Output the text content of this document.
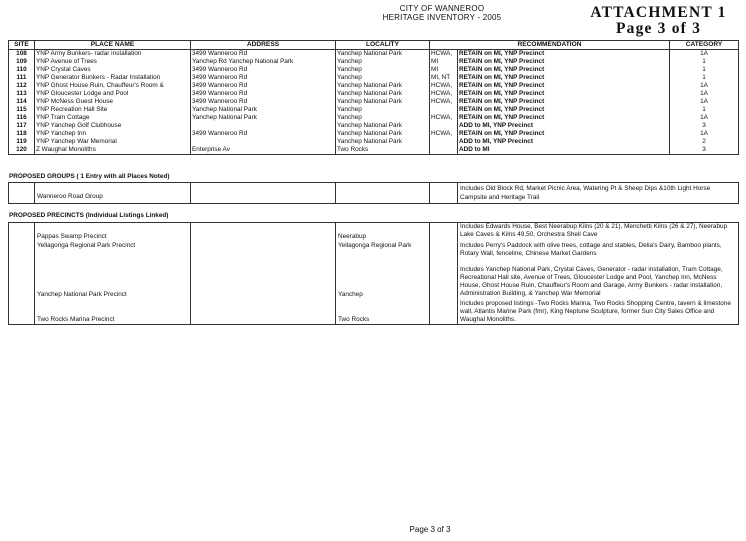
CITY OF WANNEROO
HERITAGE INVENTORY - 2005	ATTACHMENT 1
Page 3 of 3
SITE	PLACE NAME	ADDRESS	LOCALITY	RECOMMENDATION		CATEGORY
108	YNP Army Bunkers- radar installation	3499 Wanneroo Rd	Yanchep National Park	HCWA,	RETAIN on MI, YNP Precinct	1A
109	YNP Avenue of Trees	Yanchep Rd Yanchep National Park	Yanchep	MI	RETAIN on MI, YNP Precinct	1
110	YNP Crystal Caves	3499 Wanneroo Rd	Yanchep	MI	RETAIN on MI, YNP Precinct	1
111	YNP Generator Bunkers - Radar Installation	3499 Wanneroo Rd	Yanchep	MI, NT	RETAIN on MI, YNP Precinct	1
112	YNP Ghost House Ruin, Chauffeur's Room &	3499 Wanneroo Rd	Yanchep National Park	HCWA,	RETAIN on MI, YNP Precinct	1A
113	YNP Gloucester Lodge and Pool	3499 Wanneroo Rd	Yanchep National Park	HCWA,	RETAIN on MI, YNP Precinct	1A
114	YNP McNess Guest House	3499 Wanneroo Rd	Yanchep National Park	HCWA,	RETAIN on MI, YNP Precinct	1A
115	YNP Recreation Hall Site	Yanchep National Park	Yanchep		RETAIN on MI, YNP Precinct	1
116	YNP Tram Cottage	Yanchep National Park	Yanchep	HCWA,	RETAIN on MI, YNP Precinct	1A
117	YNP Yanchep Golf Clubhouse		Yanchep National Park		ADD to MI, YNP Precinct	3
118	YNP Yanchep Inn	3499 Wanneroo Rd	Yanchep National Park	HCWA,	RETAIN on MI, YNP Precinct	1A
119	YNP Yanchep War Memorial		Yanchep National Park		ADD to MI, YNP Precinct	2
120	Z Waughal Monoliths	Enterprise Av	Two Rocks		ADD to MI	3
PROPOSED GROUPS ( 1 Entry with all Places Noted)
	Wanneroo Road Group				Includes Old Block Rd, Market Picnic Area, Watering Pt & Sheep Dips &10th Light Horse Campsite and Heritage Trail
PROPOSED PRECINCTS (Individual Listings Linked)
	Pappas Swamp Precinct		Neerabup		Includes Edwards House, Best Neerabup Kilns (20 & 21), Menchetti Kilns (26 & 27), Neerabup Lake Caves & Kilns 49,50, Orchestra Shell Cave
	Yellagonga Regional Park Precinct		Yellagonga Regional Park		Includes Perry's Paddock with olive trees, cottage and stables, Delia's Dairy, Bamboo plants, Rotary Wall, fenceline, Chinese Market Gardens
	Yanchep National Park Precinct		Yanchep		Includes Yanchep National Park, Crystal Caves, Generator - radar installation, Tram Cottage, Recreational Hall site, Avenue of Trees, Gloucester Lodge and Pool, Yanchep Inn, McNess House, Ghost House Ruin, Chauffeur's Room and Garage, Army Bunkers - radar installation, Administration Building, & Yanchep War Memorial
	Two Rocks Marina Precinct		Two Rocks		Includes proposed listings -Two Rocks Marina, Two Rocks Shopping Centre, tavern & limestone wall, Atlantis Marine Park (fmr), King Neptune Sculpture, former Sun City Sales Office and Waughal Monoliths.
Page 3 of 3
